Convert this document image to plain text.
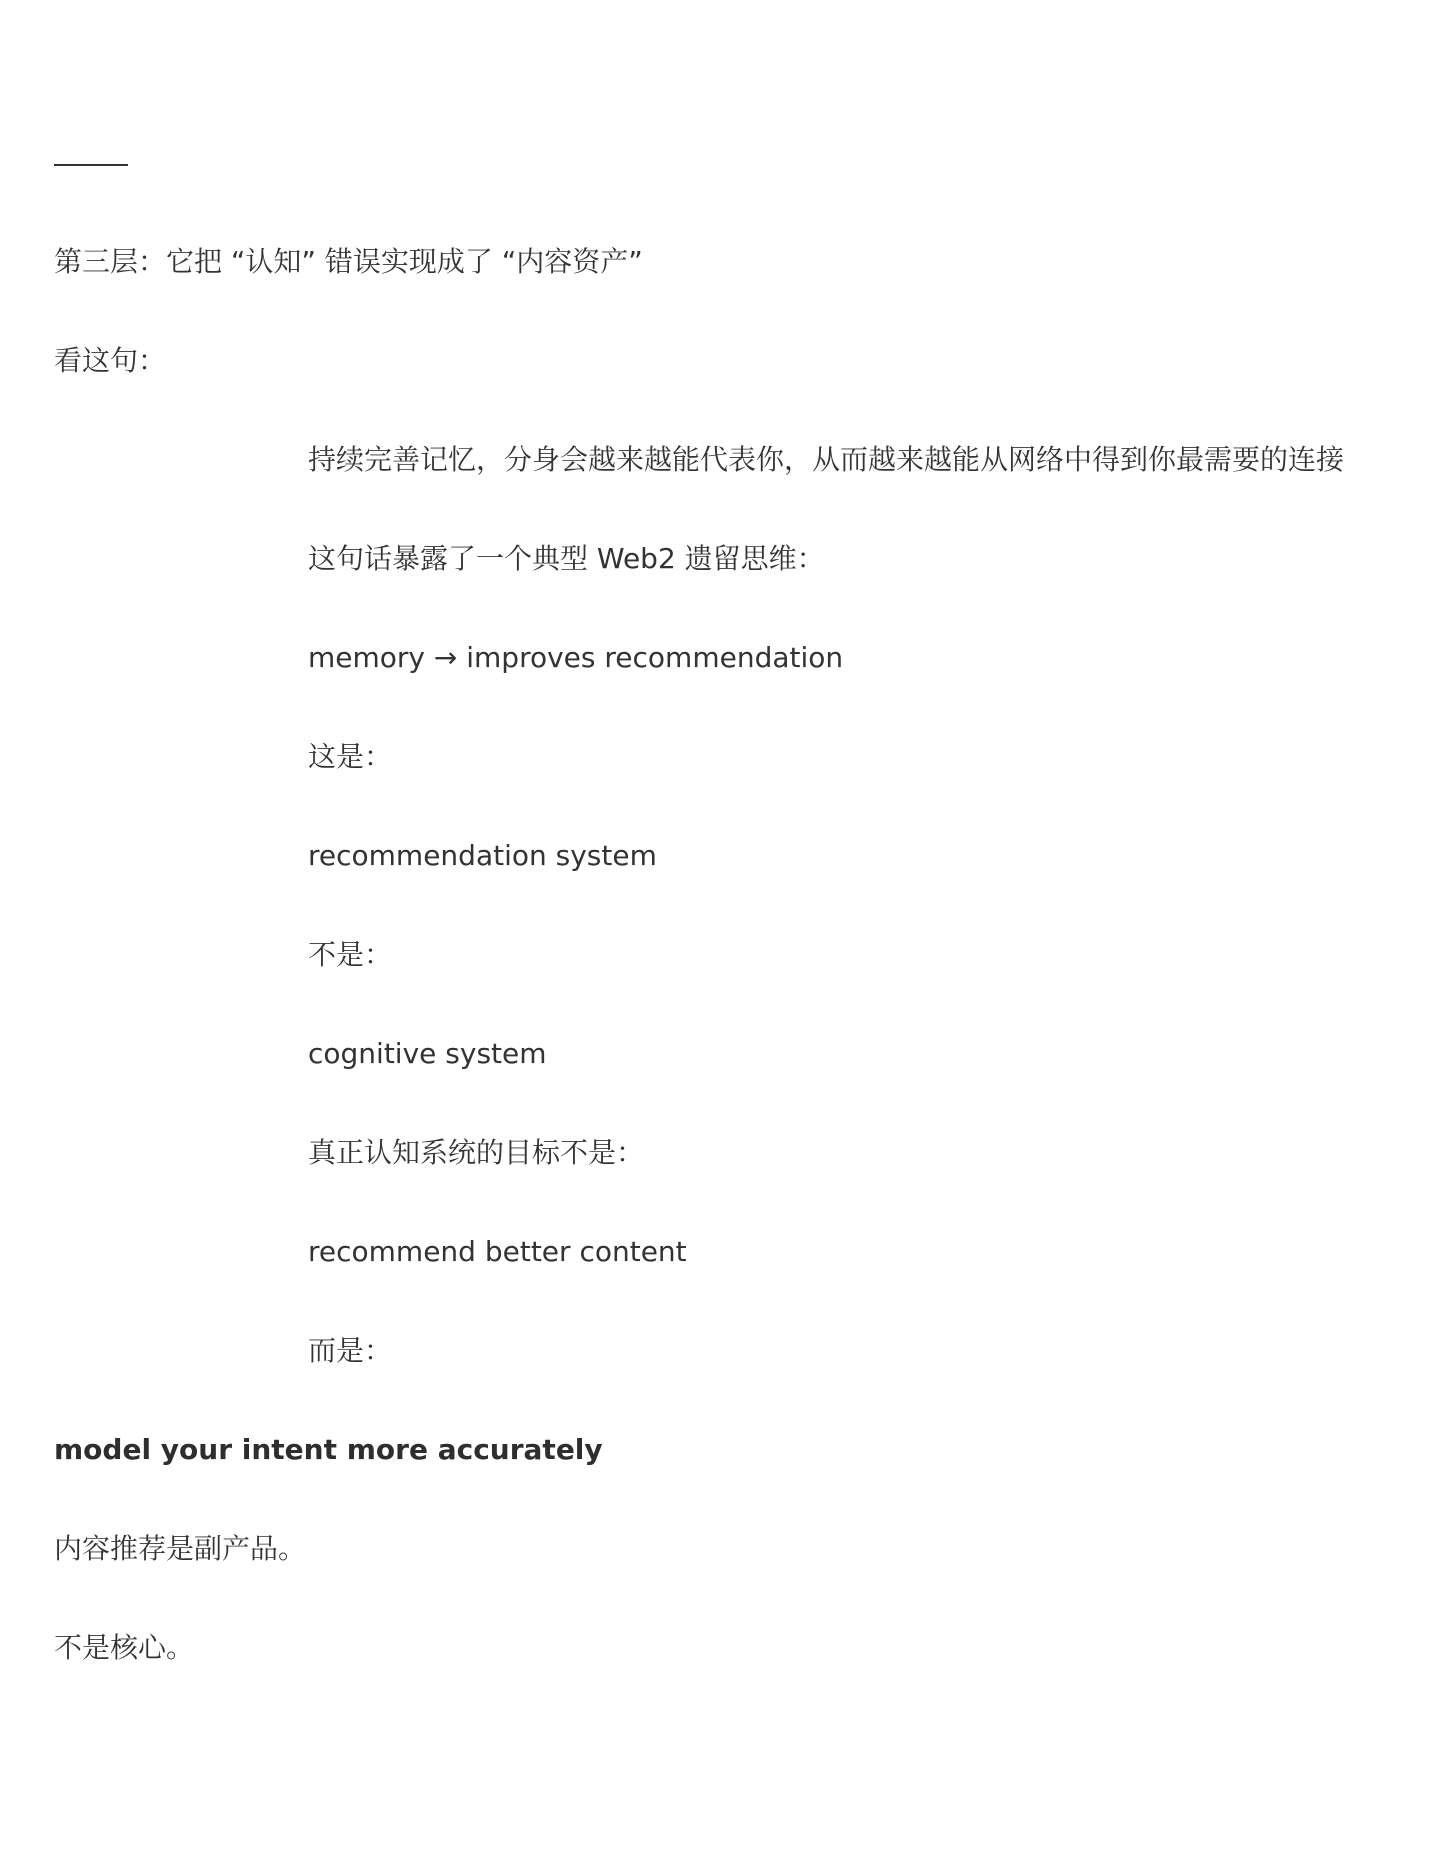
第三层：它把 “认知” 错误实现成了 “内容资产”

看这句：

持续完善记忆，分身会越来越能代表你，从而越来越能从网络中得到你最需要的连接

这句话暴露了一个典型 Web2 遗留思维：

memory → improves recommendation

这是：

recommendation system

不是：

cognitive system

真正认知系统的目标不是：

recommend better content

而是：

model your intent more accurately

内容推荐是副产品。

不是核心。
